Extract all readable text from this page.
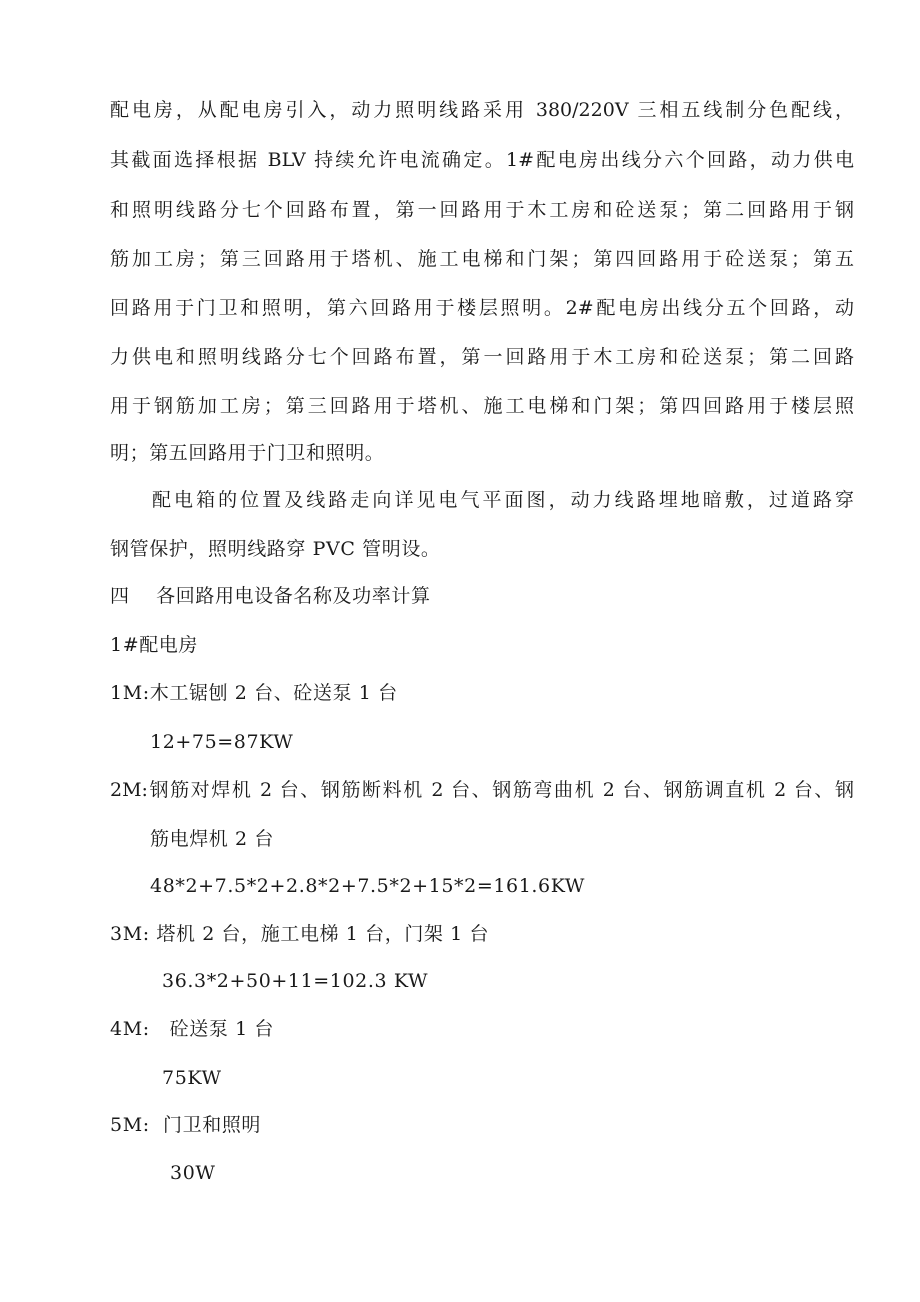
配电房，从配电房引入，动力照明线路采用 380/220V 三相五线制分色配线，
其截面选择根据 BLV 持续允许电流确定。1#配电房出线分六个回路，动力供电
和照明线路分七个回路布置，第一回路用于木工房和砼送泵；第二回路用于钢
筋加工房；第三回路用于塔机、施工电梯和门架；第四回路用于砼送泵；第五
回路用于门卫和照明，第六回路用于楼层照明。2#配电房出线分五个回路，动
力供电和照明线路分七个回路布置，第一回路用于木工房和砼送泵；第二回路
用于钢筋加工房；第三回路用于塔机、施工电梯和门架；第四回路用于楼层照
明；第五回路用于门卫和照明。
配电箱的位置及线路走向详见电气平面图，动力线路埋地暗敷，过道路穿
钢管保护，照明线路穿 PVC 管明设。
四    各回路用电设备名称及功率计算
1#配电房
1M:木工锯刨 2 台、砼送泵 1 台
12+75=87KW
2M:钢筋对焊机 2 台、钢筋断料机 2 台、钢筋弯曲机 2 台、钢筋调直机 2 台、钢
筋电焊机 2 台
48*2+7.5*2+2.8*2+7.5*2+15*2=161.6KW
3M: 塔机 2 台，施工电梯 1 台，门架 1 台
36.3*2+50+11=102.3 KW
4M:   砼送泵 1 台
75KW
5M:  门卫和照明
30W
